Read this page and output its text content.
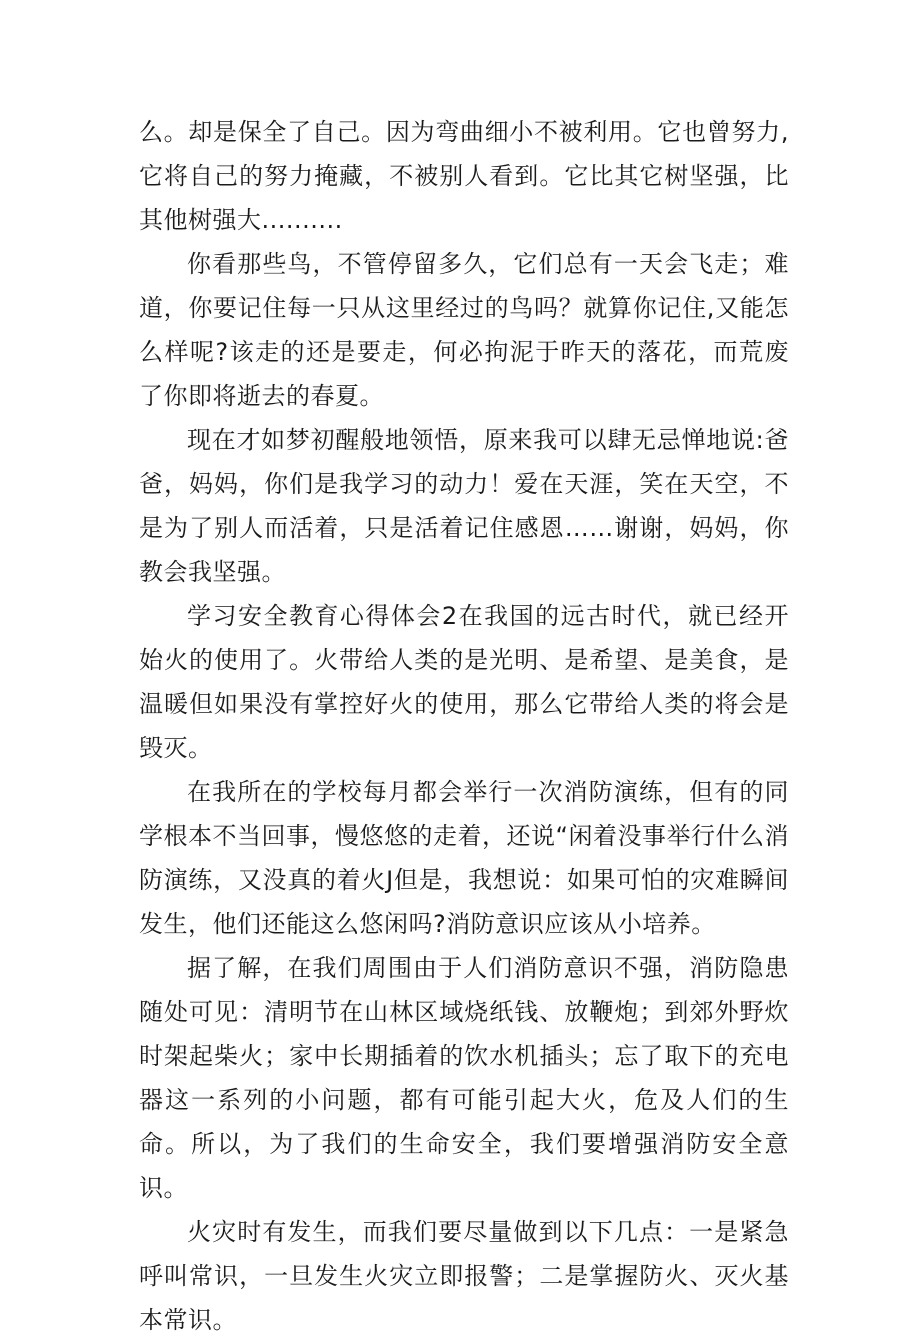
么。却是保全了自己。因为弯曲细小不被利用。它也曾努力,它将自己的努力掩藏，不被别人看到。它比其它树坚强，比其他树强大..........

你看那些鸟，不管停留多久，它们总有一天会飞走；难道，你要记住每一只从这里经过的鸟吗？就算你记住,又能怎么样呢?该走的还是要走，何必拘泥于昨天的落花，而荒废了你即将逝去的春夏。

现在才如梦初醒般地领悟，原来我可以肆无忌惮地说:爸爸，妈妈，你们是我学习的动力！爱在天涯，笑在天空，不是为了别人而活着，只是活着记住感恩……谢谢，妈妈，你教会我坚强。

学习安全教育心得体会2在我国的远古时代，就已经开始火的使用了。火带给人类的是光明、是希望、是美食，是温暖但如果没有掌控好火的使用，那么它带给人类的将会是毁灭。

在我所在的学校每月都会举行一次消防演练，但有的同学根本不当回事，慢悠悠的走着，还说“闲着没事举行什么消防演练，又没真的着火J但是，我想说：如果可怕的灾难瞬间发生，他们还能这么悠闲吗?消防意识应该从小培养。

据了解，在我们周围由于人们消防意识不强，消防隐患随处可见：清明节在山林区域烧纸钱、放鞭炮；到郊外野炊时架起柴火；家中长期插着的饮水机插头；忘了取下的充电器这一系列的小问题，都有可能引起大火，危及人们的生命。所以，为了我们的生命安全，我们要增强消防安全意识。

火灾时有发生，而我们要尽量做到以下几点：一是紧急呼叫常识，一旦发生火灾立即报警；二是掌握防火、灭火基本常识。
